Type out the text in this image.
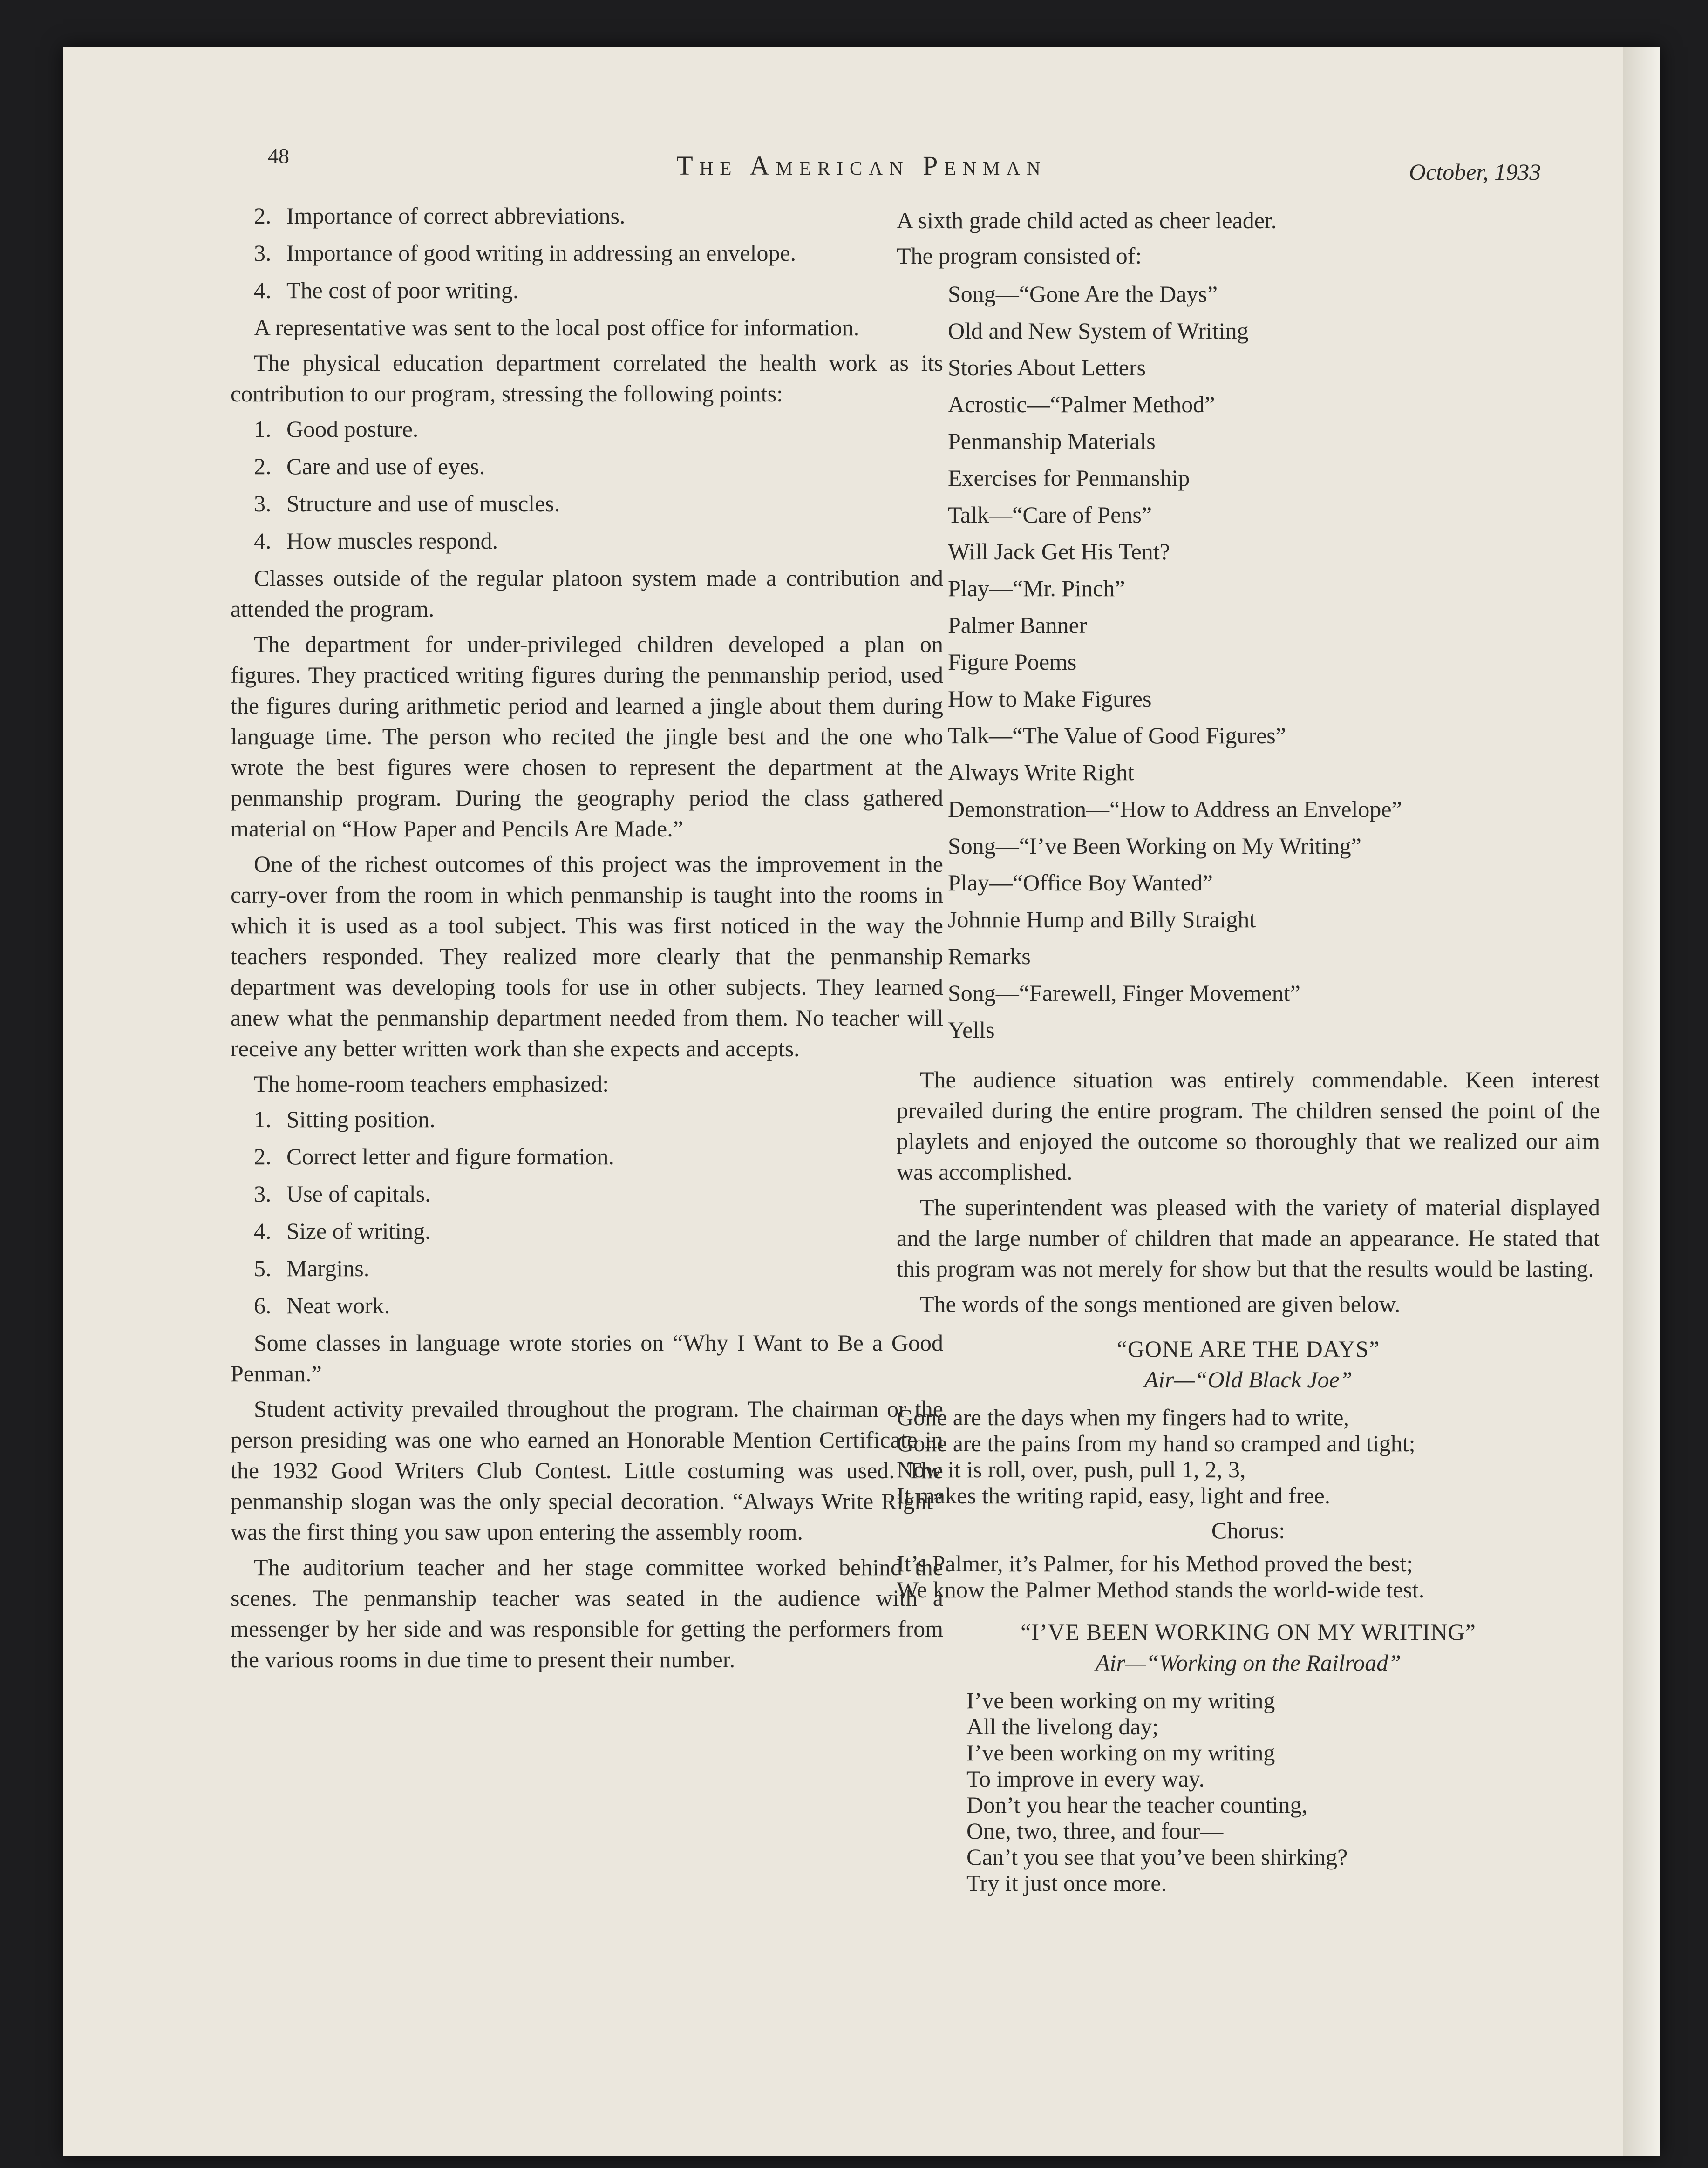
48	The American Penman	October, 1933
2. Importance of correct abbreviations.
3. Importance of good writing in addressing an envelope.
4. The cost of poor writing.

A representative was sent to the local post office for information.

The physical education department correlated the health work as its contribution to our program, stressing the following points:

1. Good posture.
2. Care and use of eyes.
3. Structure and use of muscles.
4. How muscles respond.

Classes outside of the regular platoon system made a contribution and attended the program.

The department for under-privileged children developed a plan on figures. They practiced writing figures during the penmanship period, used the figures during arithmetic period and learned a jingle about them during language time. The person who recited the jingle best and the one who wrote the best figures were chosen to represent the department at the penmanship program. During the geography period the class gathered material on “How Paper and Pencils Are Made.”

One of the richest outcomes of this project was the improvement in the carry-over from the room in which penmanship is taught into the rooms in which it is used as a tool subject. This was first noticed in the way the teachers responded. They realized more clearly that the penmanship department was developing tools for use in other subjects. They learned anew what the penmanship department needed from them. No teacher will receive any better written work than she expects and accepts.

The home-room teachers emphasized:

1. Sitting position.
2. Correct letter and figure formation.
3. Use of capitals.
4. Size of writing.
5. Margins.
6. Neat work.

Some classes in language wrote stories on “Why I Want to Be a Good Penman.”

Student activity prevailed throughout the program. The chairman or the person presiding was one who earned an Honorable Mention Certificate in the 1932 Good Writers Club Contest. Little costuming was used. The penmanship slogan was the only special decoration. “Always Write Right” was the first thing you saw upon entering the assembly room.

The auditorium teacher and her stage committee worked behind the scenes. The penmanship teacher was seated in the audience with a messenger by her side and was responsible for getting the performers from the various rooms in due time to present their number.

A sixth grade child acted as cheer leader.

The program consisted of:

Song—“Gone Are the Days”
Old and New System of Writing
Stories About Letters
Acrostic—“Palmer Method”
Penmanship Materials
Exercises for Penmanship
Talk—“Care of Pens”
Will Jack Get His Tent?
Play—“Mr. Pinch”
Palmer Banner
Figure Poems
How to Make Figures
Talk—“The Value of Good Figures”
Always Write Right
Demonstration—“How to Address an Envelope”
Song—“I’ve Been Working on My Writing”
Play—“Office Boy Wanted”
Johnnie Hump and Billy Straight
Remarks
Song—“Farewell, Finger Movement”
Yells

The audience situation was entirely commendable. Keen interest prevailed during the entire program. The children sensed the point of the playlets and enjoyed the outcome so thoroughly that we realized our aim was accomplished.

The superintendent was pleased with the variety of material displayed and the large number of children that made an appearance. He stated that this program was not merely for show but that the results would be lasting.

The words of the songs mentioned are given below.

“GONE ARE THE DAYS”
Air—“Old Black Joe”
Gone are the days when my fingers had to write,
Gone are the pains from my hand so cramped and tight;
Now it is roll, over, push, pull 1, 2, 3,
It makes the writing rapid, easy, light and free.
Chorus:
It’s Palmer, it’s Palmer, for his Method proved the best;
We know the Palmer Method stands the world-wide test.
“I’VE BEEN WORKING ON MY WRITING”
Air—“Working on the Railroad”
I’ve been working on my writing
All the livelong day;
I’ve been working on my writing
To improve in every way.
Don’t you hear the teacher counting,
One, two, three, and four—
Can’t you see that you’ve been shirking?
Try it just once more.
